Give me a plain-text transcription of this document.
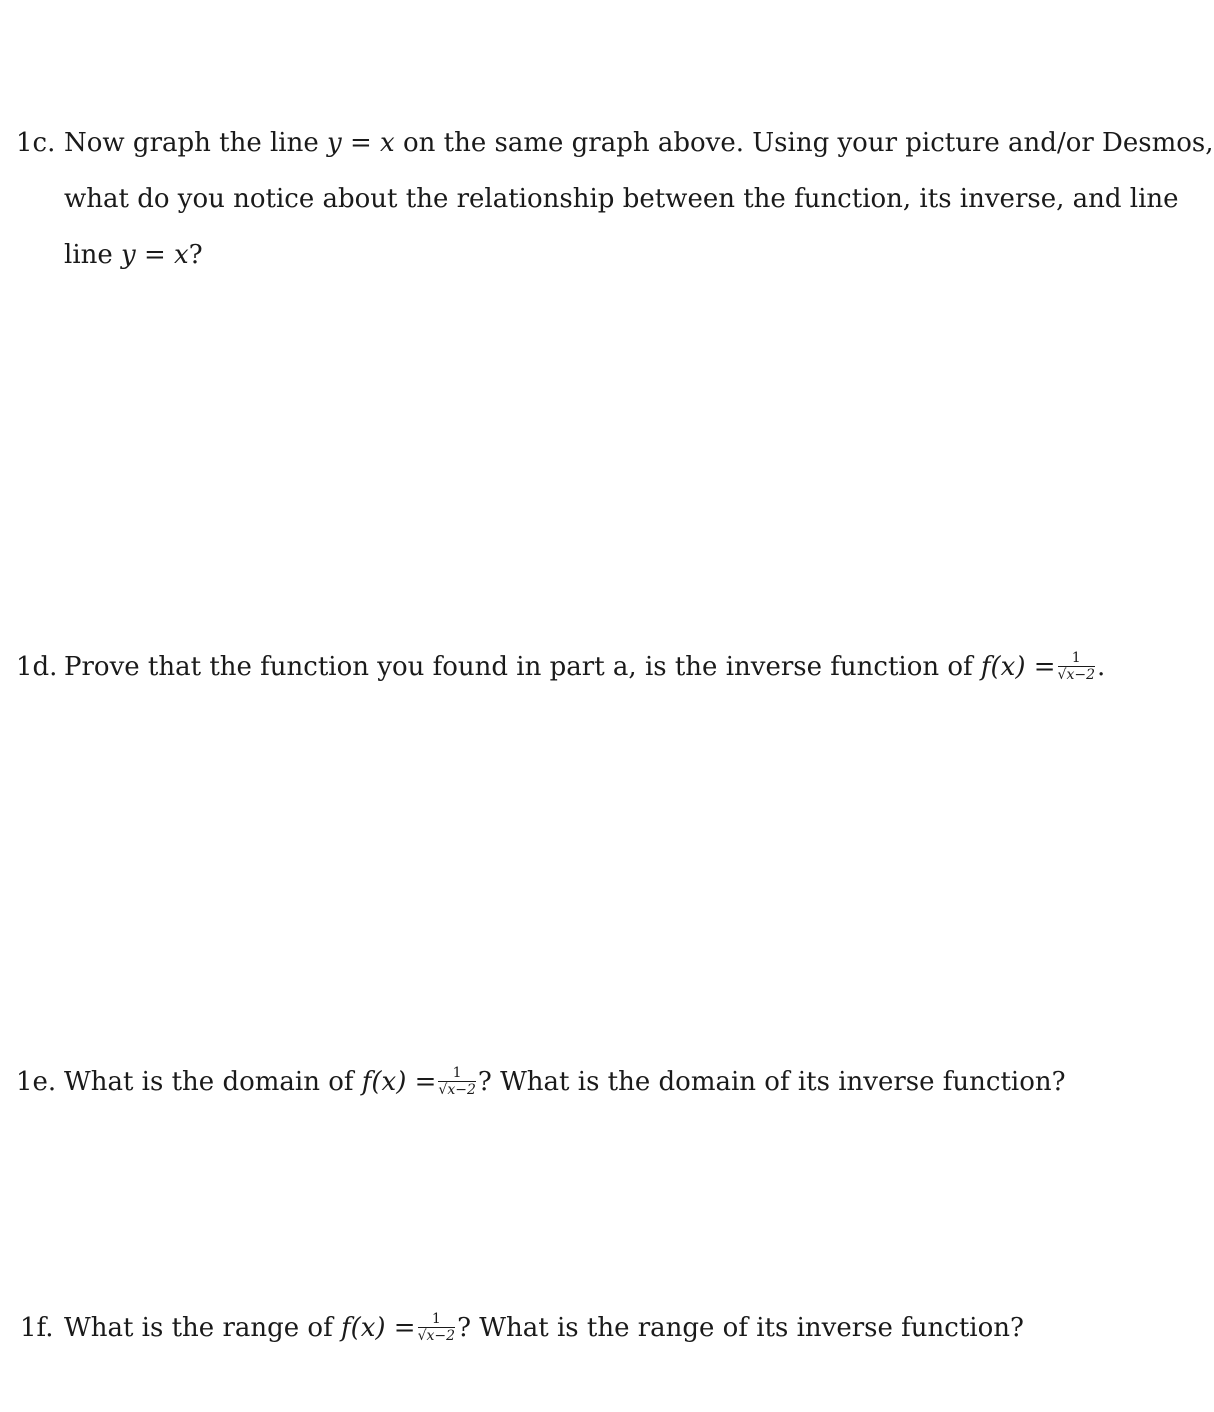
1c. Now graph the line y = x on the same graph above. Using your picture and/or Desmos,
what do you notice about the relationship between the function, its inverse, and line
line y = x?
1d. Prove that the function you found in part a, is the inverse function of $f(x) = \frac{1}{√x-2}$ .
1e. What is the domain of $f(x) = \frac{1}{√x-2}$ ? What is the domain of its inverse function?
1f. What is the range of $f(x) = \frac{1}{√x-2}$ ? What is the range of its inverse function?
